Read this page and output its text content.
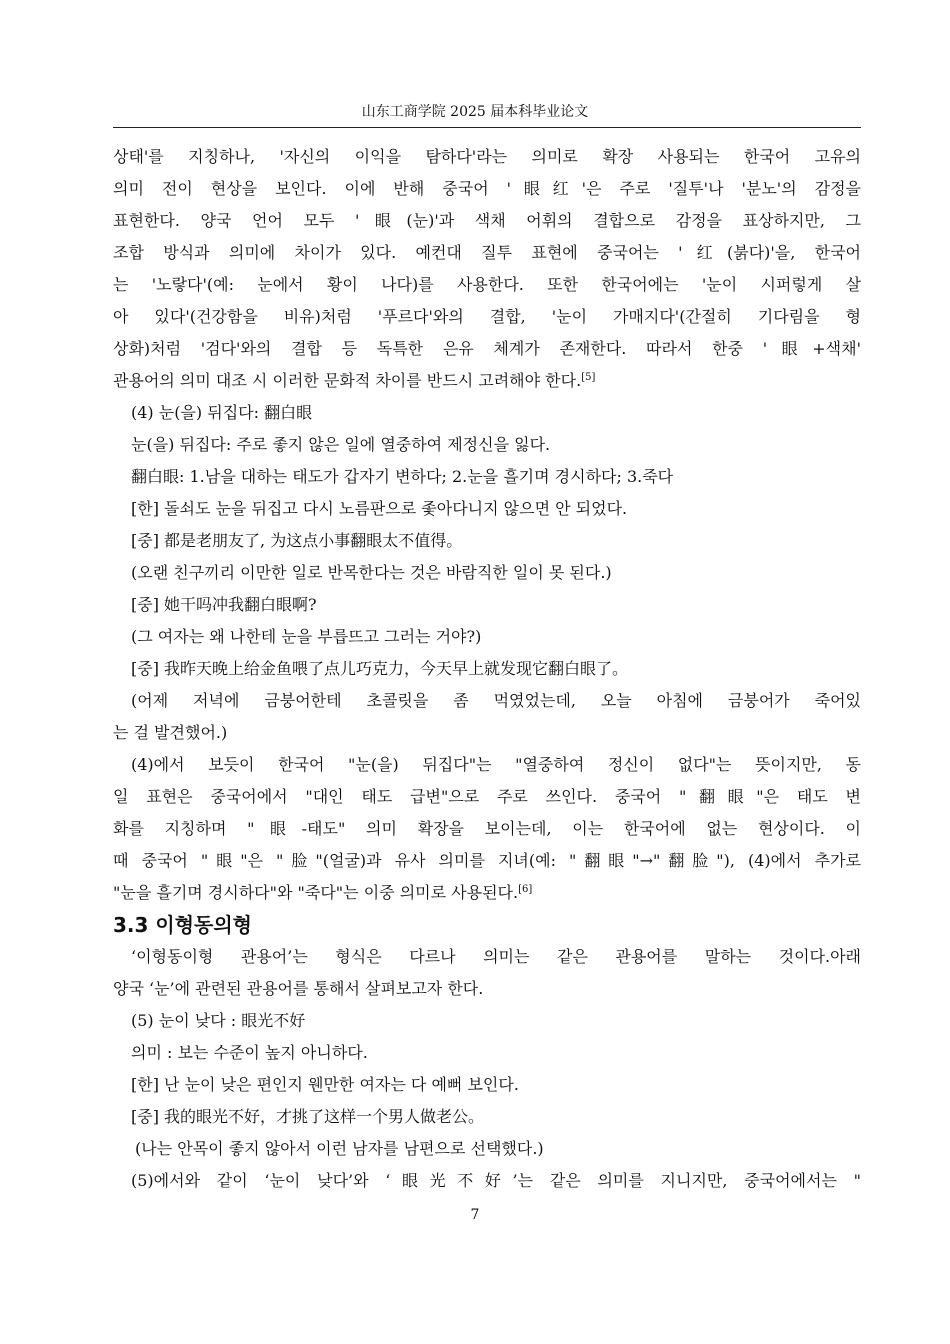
山东工商学院 2025 届本科毕业论文
상태'를 지칭하나, '자신의 이익을 탐하다'라는 의미로 확장 사용되는 한국어 고유의
의미 전이 현상을 보인다. 이에 반해 중국어 '眼红'은 주로 '질투'나 '분노'의 감정을
표현한다. 양국 언어 모두 '眼(눈)'과 색채 어휘의 결합으로 감정을 표상하지만, 그
조합 방식과 의미에 차이가 있다. 예컨대 질투 표현에 중국어는 '红(붉다)'을, 한국어
는 '노랗다'(예: 눈에서 황이 나다)를 사용한다. 또한 한국어에는 '눈이 시퍼렇게 살
아 있다'(건강함을 비유)처럼 '푸르다'와의 결합, '눈이 가매지다'(간절히 기다림을 형
상화)처럼 '검다'와의 결합 등 독특한 은유 체계가 존재한다. 따라서 한중 '眼+색채'
관용어의 의미 대조 시 이러한 문화적 차이를 반드시 고려해야 한다.[5]
(4) 눈(을) 뒤집다: 翻白眼
눈(을) 뒤집다: 주로 좋지 않은 일에 열중하여 제정신을 잃다.
翻白眼: 1.남을 대하는 태도가 갑자기 변하다; 2.눈을 흘기며 경시하다; 3.죽다
[한] 돌쇠도 눈을 뒤집고 다시 노름판으로 좇아다니지 않으면 안 되었다.
[중] 都是老朋友了, 为这点小事翻眼太不值得。
(오랜 친구끼리 이만한 일로 반목한다는 것은 바람직한 일이 못 된다.)
[중] 她干吗冲我翻白眼啊?
(그 여자는 왜 나한테 눈을 부릅뜨고 그러는 거야?)
[중] 我昨天晚上给金鱼喂了点儿巧克力，今天早上就发现它翻白眼了。
(어제 저녁에 금붕어한테 초콜릿을 좀 먹였었는데, 오늘 아침에 금붕어가 죽어있
는 걸 발견했어.)
(4)에서 보듯이 한국어 "눈(을) 뒤집다"는 "열중하여 정신이 없다"는 뜻이지만, 동
일 표현은 중국어에서 "대인 태도 급변"으로 주로 쓰인다. 중국어 "翻眼"은 태도 변
화를 지칭하며 "眼-태도" 의미 확장을 보이는데, 이는 한국어에 없는 현상이다. 이
때 중국어 "眼"은 "脸"(얼굴)과 유사 의미를 지녀(예: "翻眼"→"翻脸"), (4)에서 추가로
"눈을 흘기며 경시하다"와 "죽다"는 이중 의미로 사용된다.[6]
3.3 이형동의형
‘이형동이형 관용어’는 형식은 다르나 의미는 같은 관용어를 말하는 것이다.아래
양국 ‘눈’에 관련된 관용어를 통해서 살펴보고자 한다.
(5) 눈이 낮다 : 眼光不好
의미 : 보는 수준이 높지 아니하다.
[한] 난 눈이 낮은 편인지 웬만한 여자는 다 예뻐 보인다.
[중] 我的眼光不好，才挑了这样一个男人做老公。
(나는 안목이 좋지 않아서 이런 남자를 남편으로 선택했다.)
(5)에서와 같이 ‘눈이 낮다’와 ‘眼光不好’는 같은 의미를 지니지만, 중국어에서는 "
7
